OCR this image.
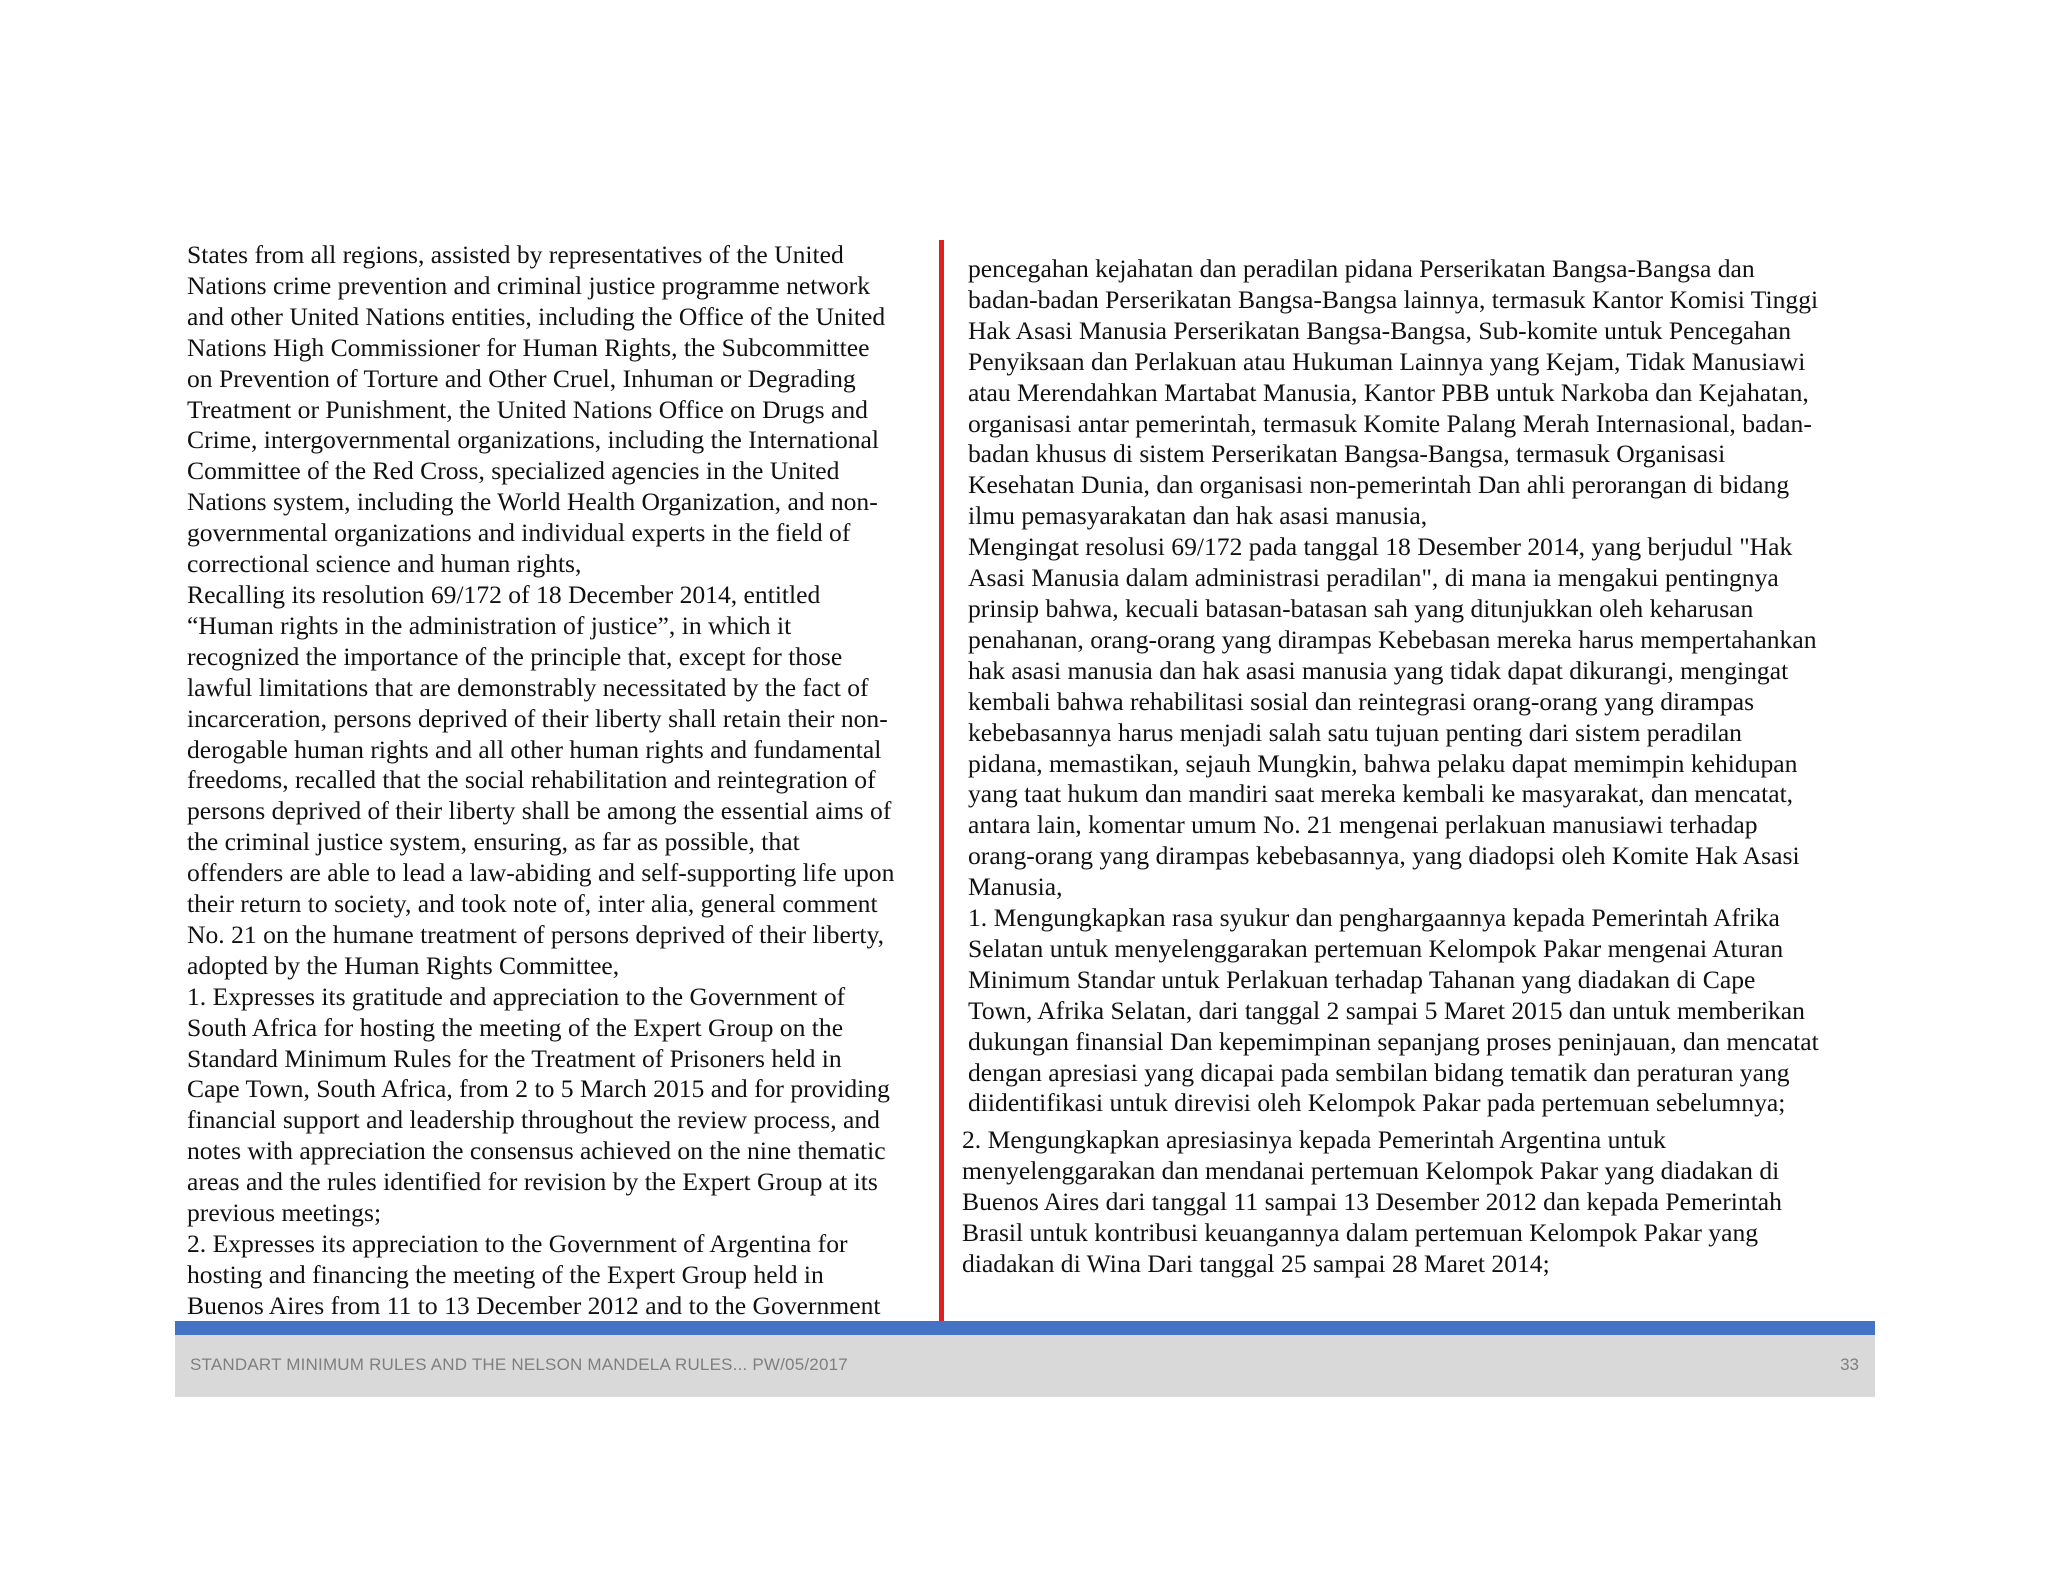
States from all regions, assisted by representatives of the United
Nations crime prevention and criminal justice programme network
and other United Nations entities, including the Office of the United
Nations High Commissioner for Human Rights, the Subcommittee
on Prevention of Torture and Other Cruel, Inhuman or Degrading
Treatment or Punishment, the United Nations Office on Drugs and
Crime, intergovernmental organizations, including the International
Committee of the Red Cross, specialized agencies in the United
Nations system, including the World Health Organization, and non-
governmental organizations and individual experts in the field of
correctional science and human rights,

Recalling its resolution 69/172 of 18 December 2014, entitled
“Human rights in the administration of justice”, in which it
recognized the importance of the principle that, except for those
lawful limitations that are demonstrably necessitated by the fact of
incarceration, persons deprived of their liberty shall retain their non-
derogable human rights and all other human rights and fundamental
freedoms, recalled that the social rehabilitation and reintegration of
persons deprived of their liberty shall be among the essential aims of
the criminal justice system, ensuring, as far as possible, that
offenders are able to lead a law-abiding and self-supporting life upon
their return to society, and took note of, inter alia, general comment
No. 21 on the humane treatment of persons deprived of their liberty,
adopted by the Human Rights Committee,

1. Expresses its gratitude and appreciation to the Government of
South Africa for hosting the meeting of the Expert Group on the
Standard Minimum Rules for the Treatment of Prisoners held in
Cape Town, South Africa, from 2 to 5 March 2015 and for providing
financial support and leadership throughout the review process, and
notes with appreciation the consensus achieved on the nine thematic
areas and the rules identified for revision by the Expert Group at its
previous meetings;

2. Expresses its appreciation to the Government of Argentina for
hosting and financing the meeting of the Expert Group held in
Buenos Aires from 11 to 13 December 2012 and to the Government

pencegahan kejahatan dan peradilan pidana Perserikatan Bangsa-Bangsa dan
badan-badan Perserikatan Bangsa-Bangsa lainnya, termasuk Kantor Komisi Tinggi
Hak Asasi Manusia Perserikatan Bangsa-Bangsa, Sub-komite untuk Pencegahan
Penyiksaan dan Perlakuan atau Hukuman Lainnya yang Kejam, Tidak Manusiawi
atau Merendahkan Martabat Manusia, Kantor PBB untuk Narkoba dan Kejahatan,
organisasi antar pemerintah, termasuk Komite Palang Merah Internasional, badan-
badan khusus di sistem Perserikatan Bangsa-Bangsa, termasuk Organisasi
Kesehatan Dunia, dan organisasi non-pemerintah Dan ahli perorangan di bidang
ilmu pemasyarakatan dan hak asasi manusia,

Mengingat resolusi 69/172 pada tanggal 18 Desember 2014, yang berjudul "Hak
Asasi Manusia dalam administrasi peradilan", di mana ia mengakui pentingnya
prinsip bahwa, kecuali batasan-batasan sah yang ditunjukkan oleh keharusan
penahanan, orang-orang yang dirampas Kebebasan mereka harus mempertahankan
hak asasi manusia dan hak asasi manusia yang tidak dapat dikurangi, mengingat
kembali bahwa rehabilitasi sosial dan reintegrasi orang-orang yang dirampas
kebebasannya harus menjadi salah satu tujuan penting dari sistem peradilan
pidana, memastikan, sejauh Mungkin, bahwa pelaku dapat memimpin kehidupan
yang taat hukum dan mandiri saat mereka kembali ke masyarakat, dan mencatat,
antara lain, komentar umum No. 21 mengenai perlakuan manusiawi terhadap
orang-orang yang dirampas kebebasannya, yang diadopsi oleh Komite Hak Asasi
Manusia,

1. Mengungkapkan rasa syukur dan penghargaannya kepada Pemerintah Afrika
Selatan untuk menyelenggarakan pertemuan Kelompok Pakar mengenai Aturan
Minimum Standar untuk Perlakuan terhadap Tahanan yang diadakan di Cape
Town, Afrika Selatan, dari tanggal 2 sampai 5 Maret 2015 dan untuk memberikan
dukungan finansial Dan kepemimpinan sepanjang proses peninjauan, dan mencatat
dengan apresiasi yang dicapai pada sembilan bidang tematik dan peraturan yang
diidentifikasi untuk direvisi oleh Kelompok Pakar pada pertemuan sebelumnya;

2. Mengungkapkan apresiasinya kepada Pemerintah Argentina untuk
menyelenggarakan dan mendanai pertemuan Kelompok Pakar yang diadakan di
Buenos Aires dari tanggal 11 sampai 13 Desember 2012 dan kepada Pemerintah
Brasil untuk kontribusi keuangannya dalam pertemuan Kelompok Pakar yang
diadakan di Wina Dari tanggal 25 sampai 28 Maret 2014;

STANDART MINIMUM RULES AND THE NELSON MANDELA RULES... PW/05/2017	33
